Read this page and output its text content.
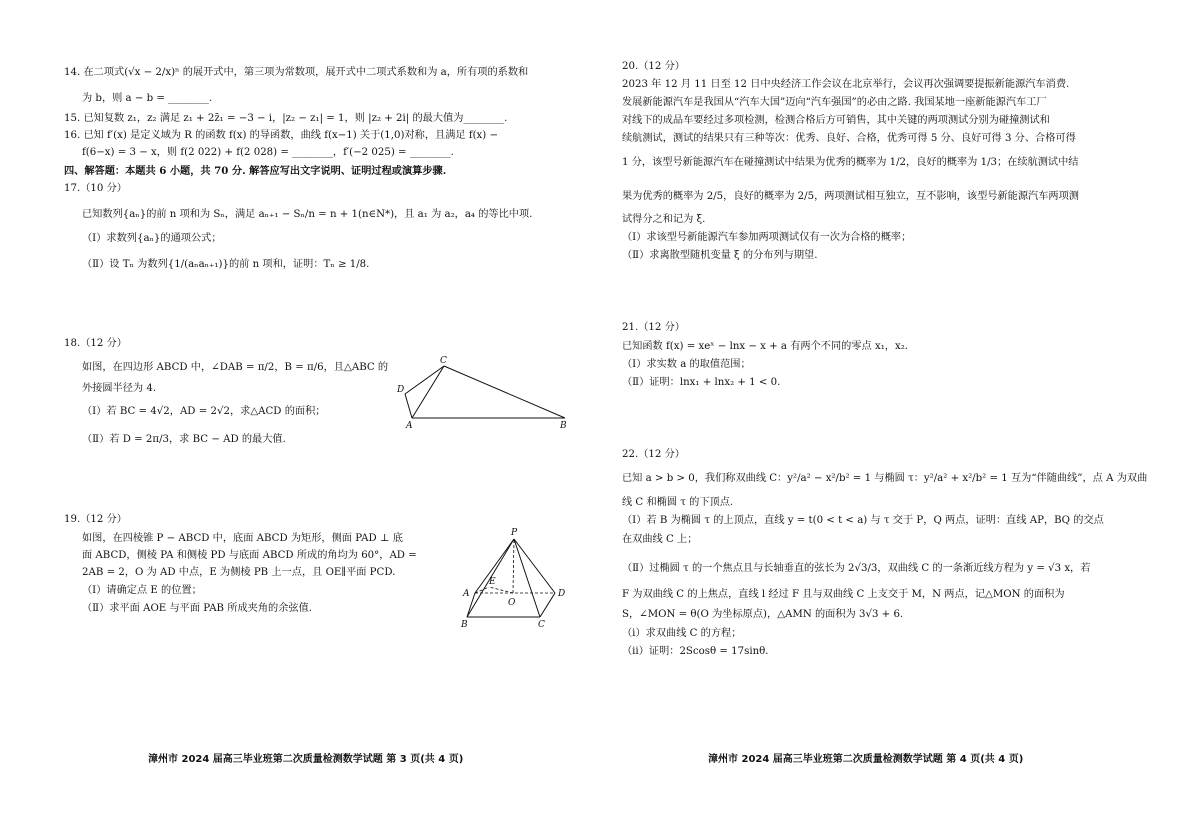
14. 在二项式(√x − 2/x)ⁿ 的展开式中，第三项为常数项，展开式中二项式系数和为 a，所有项的系数和
为 b，则 a − b = ________.
15. 已知复数 z₁，z₂ 满足 z₁ + 2z̄₁ = −3 − i，|z₂ − z₁| = 1，则 |z₂ + 2i| 的最大值为________.
16. 已知 f′(x) 是定义域为 R 的函数 f(x) 的导函数，曲线 f(x−1) 关于(1,0)对称，且满足 f(x) −
f(6−x) = 3 − x，则 f(2 022) + f(2 028) = ________，f′(−2 025) = ________.
四、解答题：本题共 6 小题，共 70 分. 解答应写出文字说明、证明过程或演算步骤.
17.（10 分）
已知数列{aₙ}的前 n 项和为 Sₙ，满足 aₙ₊₁ − Sₙ/n = n + 1(n∈N*)，且 a₁ 为 a₂，a₄ 的等比中项.
（Ⅰ）求数列{aₙ}的通项公式；
（Ⅱ）设 Tₙ 为数列{1/(aₙaₙ₊₁)}的前 n 项和，证明：Tₙ ≥ 1/8.
18.（12 分）
如图，在四边形 ABCD 中，∠DAB = π/2，B = π/6，且△ABC 的
外接圆半径为 4.
（Ⅰ）若 BC = 4√2，AD = 2√2，求△ACD 的面积；
（Ⅱ）若 D = 2π/3，求 BC − AD 的最大值.
19.（12 分）
如图，在四棱锥 P − ABCD 中，底面 ABCD 为矩形，侧面 PAD ⊥ 底
面 ABCD，侧棱 PA 和侧棱 PD 与底面 ABCD 所成的角均为 60°，AD =
2AB = 2，O 为 AD 中点，E 为侧棱 PB 上一点，且 OE∥平面 PCD.
（Ⅰ）请确定点 E 的位置；
（Ⅱ）求平面 AOE 与平面 PAB 所成夹角的余弦值.
C
D
A	B
P
E
A
O
D
B	C
20.（12 分）
2023 年 12 月 11 日至 12 日中央经济工作会议在北京举行，会议再次强调要提振新能源汽车消费.
发展新能源汽车是我国从“汽车大国”迈向“汽车强国”的必由之路. 我国某地一座新能源汽车工厂
对线下的成品车要经过多项检测，检测合格后方可销售，其中关键的两项测试分别为碰撞测试和
续航测试，测试的结果只有三种等次：优秀、良好、合格，优秀可得 5 分、良好可得 3 分、合格可得
1 分，该型号新能源汽车在碰撞测试中结果为优秀的概率为 1/2，良好的概率为 1/3；在续航测试中结
果为优秀的概率为 2/5，良好的概率为 2/5，两项测试相互独立，互不影响，该型号新能源汽车两项测
试得分之和记为 ξ.
（Ⅰ）求该型号新能源汽车参加两项测试仅有一次为合格的概率；
（Ⅱ）求离散型随机变量 ξ 的分布列与期望.
21.（12 分）
已知函数 f(x) = xeˣ − lnx − x + a 有两个不同的零点 x₁，x₂.
（Ⅰ）求实数 a 的取值范围；
（Ⅱ）证明：lnx₁ + lnx₂ + 1 < 0.
22.（12 分）
已知 a > b > 0，我们称双曲线 C：y²/a² − x²/b² = 1 与椭圆 τ：y²/a² + x²/b² = 1 互为“伴随曲线”，点 A 为双曲
线 C 和椭圆 τ 的下顶点.
（Ⅰ）若 B 为椭圆 τ 的上顶点，直线 y = t(0 < t < a) 与 τ 交于 P，Q 两点，证明：直线 AP，BQ 的交点
在双曲线 C 上；
（Ⅱ）过椭圆 τ 的一个焦点且与长轴垂直的弦长为 2√3/3，双曲线 C 的一条渐近线方程为 y = √3 x，若
F 为双曲线 C 的上焦点，直线 l 经过 F 且与双曲线 C 上支交于 M，N 两点，记△MON 的面积为
S，∠MON = θ(O 为坐标原点)，△AMN 的面积为 3√3 + 6.
（ⅰ）求双曲线 C 的方程；
（ⅱ）证明：2Scosθ = 17sinθ.
漳州市 2024 届高三毕业班第二次质量检测数学试题 第 3 页(共 4 页)	漳州市 2024 届高三毕业班第二次质量检测数学试题 第 4 页(共 4 页)
